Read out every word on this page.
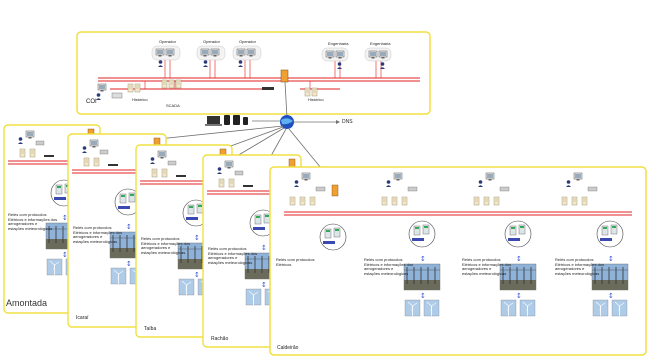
↕
↕
↕
↕
↕
↕
↕
↕
↕
↕
↕
↕
↕
↕
Amontada
Icaraí
Taíba
Rachão
Caldeirão
COI
Operador	Operador	Operador	Engenharia	Engenharia
Histórico	Histórico
SCADA
DNS
Relés com protocolos
Elétricos e informações dos
aerogeradores e
estações meteorológicas	Relés com protocolos
Elétricos e informações dos
aerogeradores e
estações meteorológicas
Relés com protocolos
Elétricos e informações dos
aerogeradores e
estações meteorológicas
Relés com protocolos
Elétricos e informações dos
aerogeradores e
estações meteorológicas
Relés com protocolos
Elétricos
Relés com protocolos
Elétricos e informações dos
aerogeradores e
estações meteorológicas
Relés com protocolos
Elétricos e informações dos
aerogeradores e
estações meteorológicas
Relés com protocolos
Elétricos e informações dos
aerogeradores e
estações meteorológicas
